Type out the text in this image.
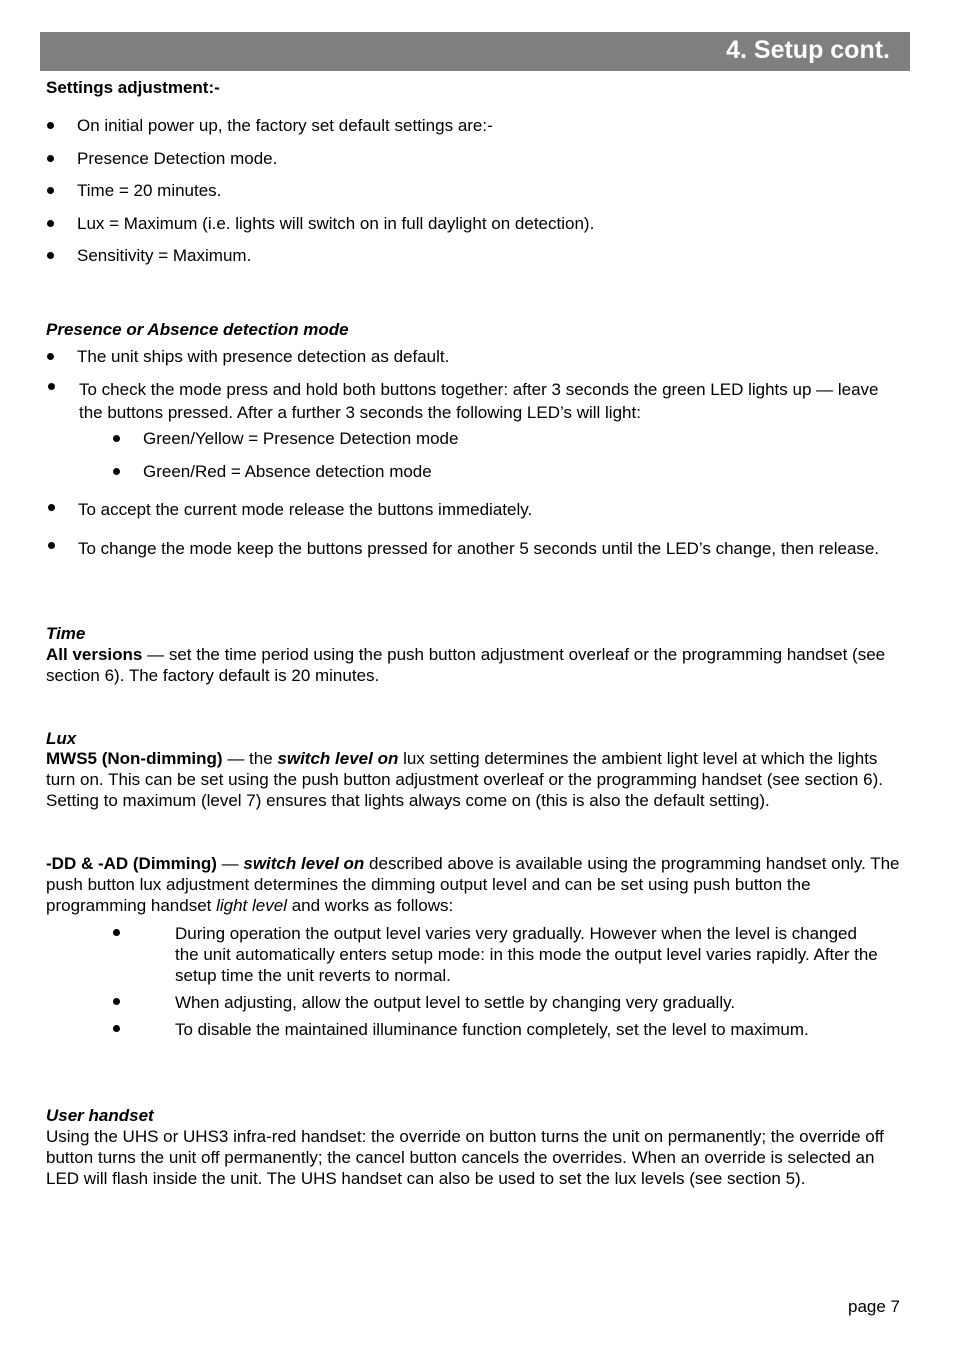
4. Setup cont.
Settings adjustment:-
On initial power up, the factory set default settings are:-
Presence Detection mode.
Time = 20 minutes.
Lux = Maximum (i.e. lights will switch on in full daylight on detection).
Sensitivity = Maximum.
Presence or Absence detection mode
The unit ships with presence detection as default.
To check the mode press and hold both buttons together: after 3 seconds the green LED lights up — leave the buttons pressed. After a further 3 seconds the following LED’s will light:
Green/Yellow = Presence Detection mode
Green/Red = Absence detection mode
To accept the current mode release the buttons immediately.
To change the mode keep the buttons pressed for another 5 seconds until the LED’s change, then release.
Time
All versions — set the time period using the push button adjustment overleaf or the programming handset (see section 6). The factory default is 20 minutes.
Lux
MWS5 (Non-dimming) — the switch level on lux setting determines the ambient light level at which the lights turn on. This can be set using the push button adjustment overleaf or the programming handset (see section 6). Setting to maximum (level 7) ensures that lights always come on (this is also the default setting).
-DD & -AD (Dimming) — switch level on described above is available using the programming handset only. The push button lux adjustment determines the dimming output level and can be set using push button the programming handset light level and works as follows:
During operation the output level varies very gradually. However when the level is changed the unit automatically enters setup mode: in this mode the output level varies rapidly. After the setup time the unit reverts to normal.
When adjusting, allow the output level to settle by changing very gradually.
To disable the maintained illuminance function completely, set the level to maximum.
User handset
Using the UHS or UHS3 infra-red handset: the override on button turns the unit on permanently; the override off button turns the unit off permanently; the cancel button cancels the overrides. When an override is selected an LED will flash inside the unit. The UHS handset can also be used to set the lux levels (see section 5).
page 7
